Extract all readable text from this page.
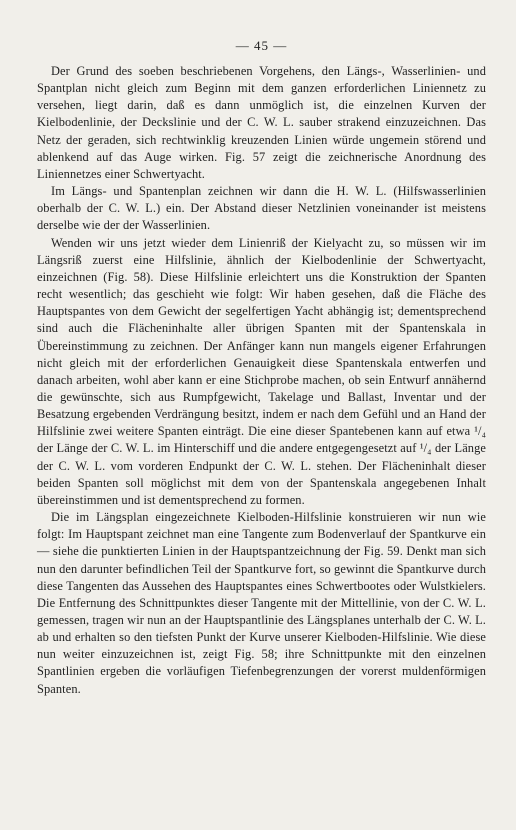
— 45 —

Der Grund des soeben beschriebenen Vorgehens, den Längs-, Wasserlinien- und Spantplan nicht gleich zum Beginn mit dem ganzen erforderlichen Liniennetz zu versehen, liegt darin, daß es dann unmöglich ist, die einzelnen Kurven der Kielbodenlinie, der Deckslinie und der C. W. L. sauber strakend einzuzeichnen. Das Netz der geraden, sich rechtwinklig kreuzenden Linien würde ungemein störend und ablenkend auf das Auge wirken. Fig. 57 zeigt die zeichnerische Anordnung des Liniennetzes einer Schwertyacht.

Im Längs- und Spantenplan zeichnen wir dann die H. W. L. (Hilfswasserlinien oberhalb der C. W. L.) ein. Der Abstand dieser Netzlinien voneinander ist meistens derselbe wie der der Wasserlinien.

Wenden wir uns jetzt wieder dem Linienriß der Kielyacht zu, so müssen wir im Längsriß zuerst eine Hilfslinie, ähnlich der Kielbodenlinie der Schwertyacht, einzeichnen (Fig. 58). Diese Hilfslinie erleichtert uns die Konstruktion der Spanten recht wesentlich; das geschieht wie folgt: Wir haben gesehen, daß die Fläche des Hauptspantes von dem Gewicht der segelfertigen Yacht abhängig ist; dementsprechend sind auch die Flächeninhalte aller übrigen Spanten mit der Spantenskala in Übereinstimmung zu zeichnen. Der Anfänger kann nun mangels eigener Erfahrungen nicht gleich mit der erforderlichen Genauigkeit diese Spantenskala entwerfen und danach arbeiten, wohl aber kann er eine Stichprobe machen, ob sein Entwurf annähernd die gewünschte, sich aus Rumpfgewicht, Takelage und Ballast, Inventar und der Besatzung ergebenden Verdrängung besitzt, indem er nach dem Gefühl und an Hand der Hilfslinie zwei weitere Spanten einträgt. Die eine dieser Spantebenen kann auf etwa ¹/₄ der Länge der C. W. L. im Hinterschiff und die andere entgegengesetzt auf ¹/₄ der Länge der C. W. L. vom vorderen Endpunkt der C. W. L. stehen. Der Flächeninhalt dieser beiden Spanten soll möglichst mit dem von der Spantenskala angegebenen Inhalt übereinstimmen und ist dementsprechend zu formen.

Die im Längsplan eingezeichnete Kielboden-Hilfslinie konstruieren wir nun wie folgt: Im Hauptspant zeichnet man eine Tangente zum Bodenverlauf der Spantkurve ein — siehe die punktierten Linien in der Hauptspantzeichnung der Fig. 59. Denkt man sich nun den darunter befindlichen Teil der Spantkurve fort, so gewinnt die Spantkurve durch diese Tangenten das Aussehen des Hauptspantes eines Schwertbootes oder Wulstkielers. Die Entfernung des Schnittpunktes dieser Tangente mit der Mittellinie, von der C. W. L. gemessen, tragen wir nun an der Hauptspantlinie des Längsplanes unterhalb der C. W. L. ab und erhalten so den tiefsten Punkt der Kurve unserer Kielboden-Hilfslinie. Wie diese nun weiter einzuzeichnen ist, zeigt Fig. 58; ihre Schnittpunkte mit den einzelnen Spantlinien ergeben die vorläufigen Tiefenbegrenzungen der vorerst muldenförmigen Spanten.
